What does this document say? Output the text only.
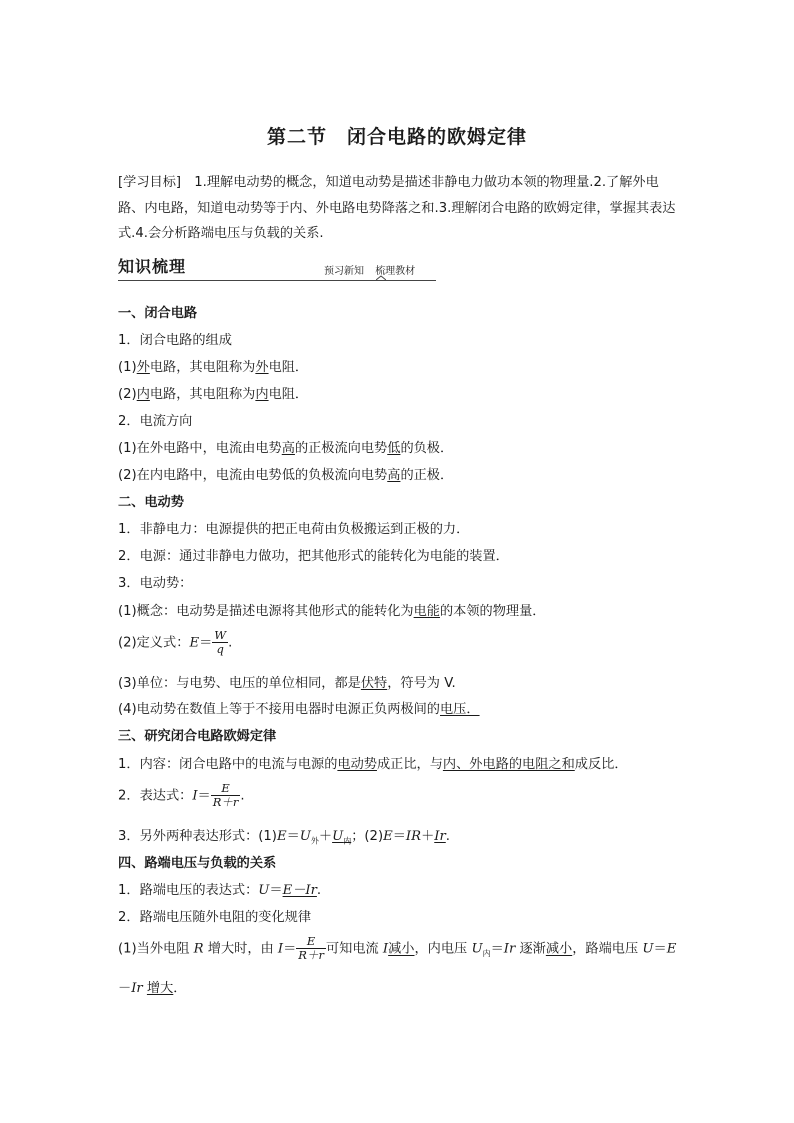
第二节　闭合电路的欧姆定律
[学习目标]　 1.理解电动势的概念，知道电动势是描述非静电力做功本领的物理量.2.了解外电路、内电路，知道电动势等于内、外电路电势降落之和.3.理解闭合电路的欧姆定律，掌握其表达式.4.会分析路端电压与负载的关系.
知识梳理	预习新知 梳理教材
一、闭合电路
1．闭合电路的组成
(1)外电路，其电阻称为外电阻．
(2)内电路，其电阻称为内电阻．
2．电流方向
(1)在外电路中，电流由电势高的正极流向电势低的负极．
(2)在内电路中，电流由电势低的负极流向电势高的正极．
二、电动势
1．非静电力：电源提供的把正电荷由负极搬运到正极的力．
2．电源：通过非静电力做功，把其他形式的能转化为电能的装置．
3．电动势：
(1)概念：电动势是描述电源将其他形式的能转化为电能的本领的物理量．
(2)定义式：$E= \frac{W}{q}$ .
(3)单位：与电势、电压的单位相同，都是伏特，符号为 V.
(4)电动势在数值上等于不接用电器时电源正负两极间的电压．
三、研究闭合电路欧姆定律
1．内容：闭合电路中的电流与电源的电动势成正比，与内、外电路的电阻之和成反比．
2．表达式：$I= \frac{E}{R+r}$ .
3．另外两种表达形式：$(1)E=U_外+U_内$；(2)E＝IR＋Ir.
四、路端电压与负载的关系
1．路端电压的表达式：U＝E－Ir.
2．路端电压随外电阻的变化规律
(1)当外电阻 R 增大时，由 $I= \frac{E}{R+r}$ 可知电流 I减小，内电压 $U_内=Ir$ 逐渐减小，路端电压 U＝E
－Ir 增大．
